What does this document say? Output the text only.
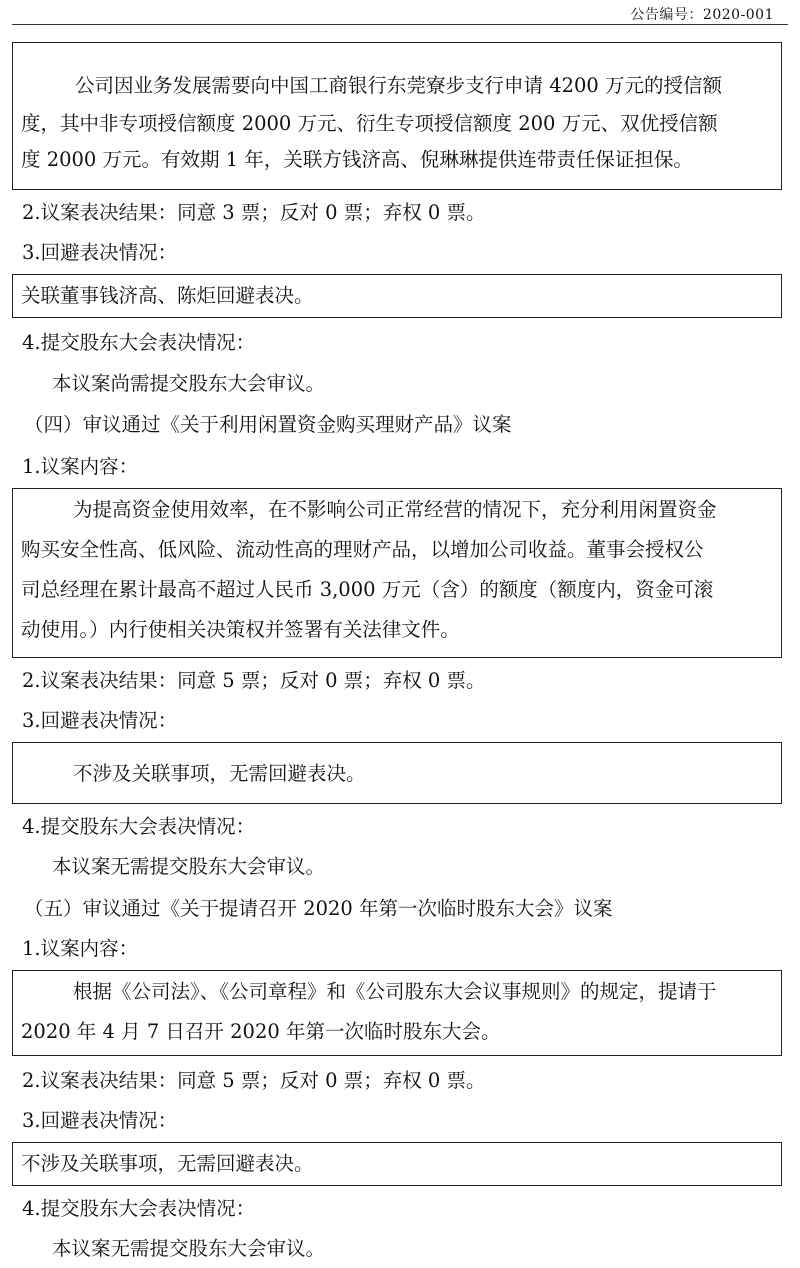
公告编号：2020-001
公司因业务发展需要向中国工商银行东莞寮步支行申请 4200 万元的授信额
度，其中非专项授信额度 2000 万元、衍生专项授信额度 200 万元、双优授信额
度 2000 万元。有效期 1 年，关联方钱济高、倪琳琳提供连带责任保证担保。
2.议案表决结果：同意 3 票；反对 0 票；弃权 0 票。
3.回避表决情况：
关联董事钱济高、陈炬回避表决。
4.提交股东大会表决情况：
本议案尚需提交股东大会审议。
（四）审议通过《关于利用闲置资金购买理财产品》议案
1.议案内容：
为提高资金使用效率，在不影响公司正常经营的情况下，充分利用闲置资金
购买安全性高、低风险、流动性高的理财产品，以增加公司收益。董事会授权公
司总经理在累计最高不超过人民币 3,000 万元（含）的额度（额度内，资金可滚
动使用。）内行使相关决策权并签署有关法律文件。
2.议案表决结果：同意 5 票；反对 0 票；弃权 0 票。
3.回避表决情况：
不涉及关联事项，无需回避表决。
4.提交股东大会表决情况：
本议案无需提交股东大会审议。
（五）审议通过《关于提请召开 2020 年第一次临时股东大会》议案
1.议案内容：
根据《公司法》、《公司章程》和《公司股东大会议事规则》的规定，提请于
2020 年 4 月 7 日召开 2020 年第一次临时股东大会。
2.议案表决结果：同意 5 票；反对 0 票；弃权 0 票。
3.回避表决情况：
不涉及关联事项，无需回避表决。
4.提交股东大会表决情况：
本议案无需提交股东大会审议。
